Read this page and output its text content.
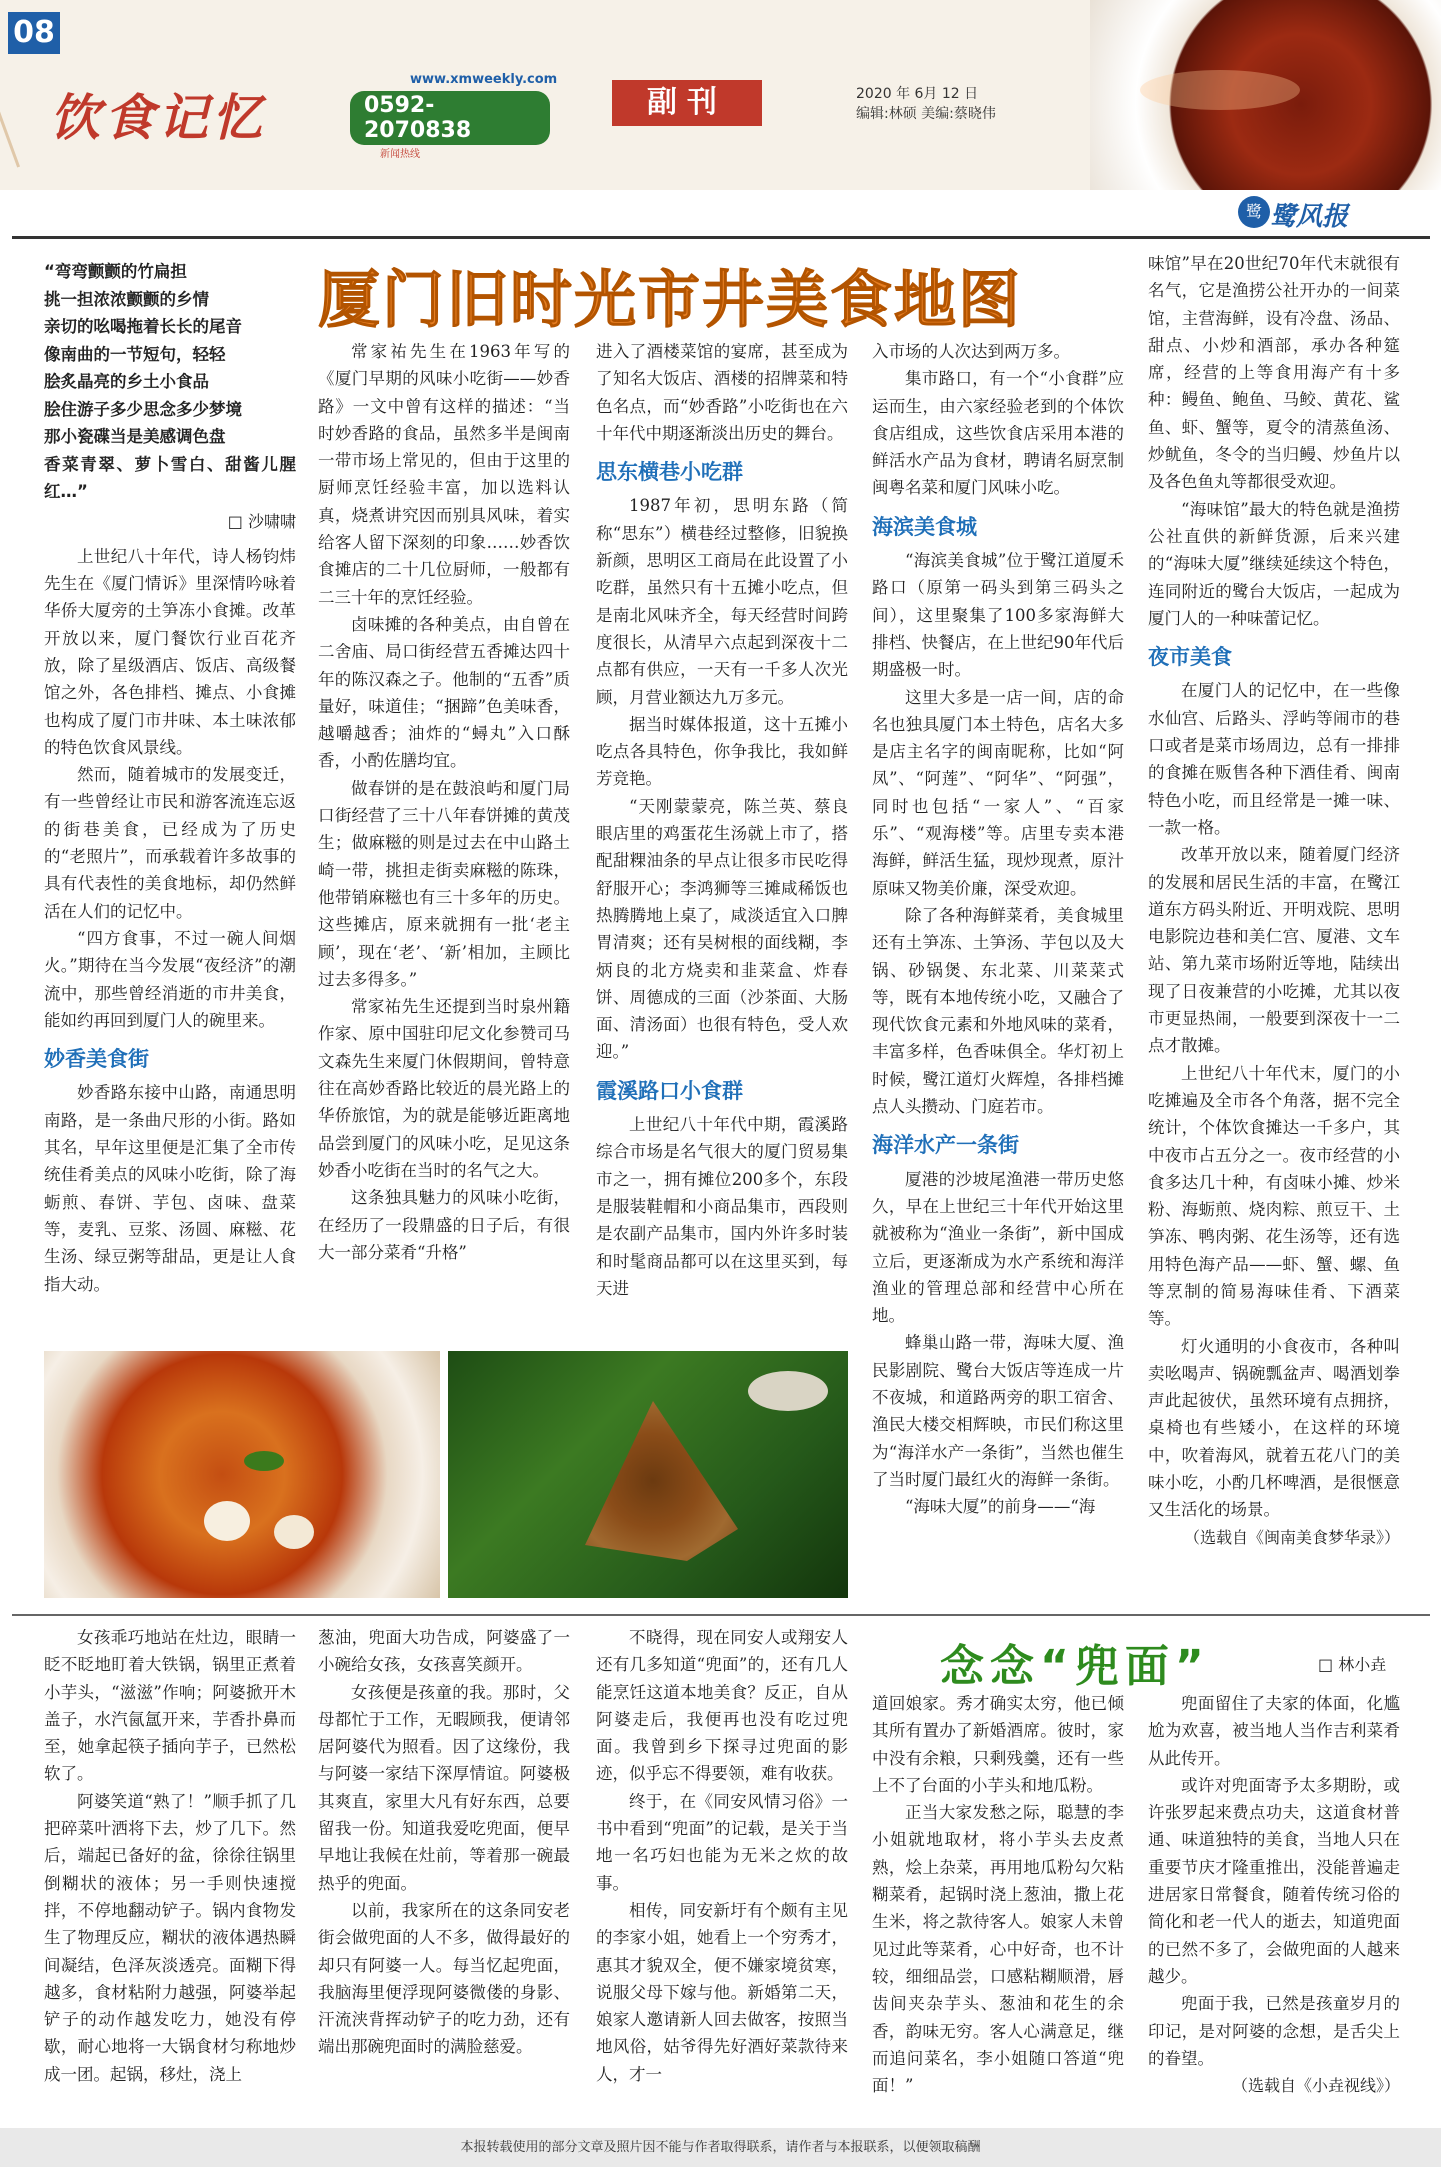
08
饮食记忆
www.xmweekly.com
0592-2070838
新闻热线
副刊	2020 年 6月 12 日
编辑:林硕 美编:蔡晓伟
鹭 鹭风报
厦门旧时光市井美食地图
“弯弯颤颤的竹扁担
挑一担浓浓颤颤的乡情
亲切的吆喝拖着长长的尾音
像南曲的一节短句，轻轻
脍炙晶亮的乡土小食品
脍住游子多少思念多少梦境
那小瓷碟当是美感调色盘
香菜青翠、萝卜雪白、甜酱儿腥红…”
□ 沙啸啸

上世纪八十年代，诗人杨钧炜先生在《厦门情诉》里深情吟咏着华侨大厦旁的土笋冻小食摊。改革开放以来，厦门餐饮行业百花齐放，除了星级酒店、饭店、高级餐馆之外，各色排档、摊点、小食摊也构成了厦门市井味、本土味浓郁的特色饮食风景线。

然而，随着城市的发展变迁，有一些曾经让市民和游客流连忘返的街巷美食，已经成为了历史的“老照片”，而承载着许多故事的具有代表性的美食地标，却仍然鲜活在人们的记忆中。

“四方食事，不过一碗人间烟火。”期待在当今发展“夜经济”的潮流中，那些曾经消逝的市井美食，能如约再回到厦门人的碗里来。

妙香美食街

妙香路东接中山路，南通思明南路，是一条曲尺形的小街。路如其名，早年这里便是汇集了全市传统佳肴美点的风味小吃街，除了海蛎煎、春饼、芋包、卤味、盘菜等，麦乳、豆浆、汤圆、麻糍、花生汤、绿豆粥等甜品，更是让人食指大动。

常家祐先生在1963年写的《厦门早期的风味小吃街——妙香路》一文中曾有这样的描述：“当时妙香路的食品，虽然多半是闽南一带市场上常见的，但由于这里的厨师烹饪经验丰富，加以选料认真，烧煮讲究因而别具风味，着实给客人留下深刻的印象……妙香饮食摊店的二十几位厨师，一般都有二三十年的烹饪经验。

卤味摊的各种美点，由自曾在二舍庙、局口街经营五香摊达四十年的陈汉森之子。他制的“五香”质量好，味道佳；“捆蹄”色美味香，越嚼越香；油炸的“蟳丸”入口酥香，小酌佐膳均宜。

做春饼的是在鼓浪屿和厦门局口街经营了三十八年春饼摊的黄茂生；做麻糍的则是过去在中山路土崎一带，挑担走街卖麻糍的陈珠，他带销麻糍也有三十多年的历史。这些摊店，原来就拥有一批‘老主顾’，现在‘老’、‘新’相加，主顾比过去多得多。”

常家祐先生还提到当时泉州籍作家、原中国驻印尼文化参赞司马文森先生来厦门休假期间，曾特意往在高妙香路比较近的晨光路上的华侨旅馆，为的就是能够近距离地品尝到厦门的风味小吃，足见这条妙香小吃街在当时的名气之大。

这条独具魅力的风味小吃街，在经历了一段鼎盛的日子后，有很大一部分菜肴“升格”

进入了酒楼菜馆的宴席，甚至成为了知名大饭店、酒楼的招牌菜和特色名点，而“妙香路”小吃街也在六十年代中期逐渐淡出历史的舞台。

思东横巷小吃群

1987年初，思明东路（简称“思东”）横巷经过整修，旧貌换新颜，思明区工商局在此设置了小吃群，虽然只有十五摊小吃点，但是南北风味齐全，每天经营时间跨度很长，从清早六点起到深夜十二点都有供应，一天有一千多人次光顾，月营业额达九万多元。

据当时媒体报道，这十五摊小吃点各具特色，你争我比，我如鲜芳竞艳。

“天刚蒙蒙亮，陈兰英、蔡良眼店里的鸡蛋花生汤就上市了，搭配甜粿油条的早点让很多市民吃得舒服开心；李鸿狮等三摊咸稀饭也热腾腾地上桌了，咸淡适宜入口脾胃清爽；还有吴树根的面线糊，李炳良的北方烧卖和韭菜盒、炸春饼、周德成的三面（沙茶面、大肠面、清汤面）也很有特色，受人欢迎。”

霞溪路口小食群

上世纪八十年代中期，霞溪路综合市场是名气很大的厦门贸易集市之一，拥有摊位200多个，东段是服装鞋帽和小商品集市，西段则是农副产品集市，国内外许多时装和时髦商品都可以在这里买到，每天进

入市场的人次达到两万多。

集市路口，有一个“小食群”应运而生，由六家经验老到的个体饮食店组成，这些饮食店采用本港的鲜活水产品为食材，聘请名厨烹制闽粤名菜和厦门风味小吃。

海滨美食城

“海滨美食城”位于鹭江道厦禾路口（原第一码头到第三码头之间），这里聚集了100多家海鲜大排档、快餐店，在上世纪90年代后期盛极一时。

这里大多是一店一间，店的命名也独具厦门本土特色，店名大多是店主名字的闽南昵称，比如“阿凤”、“阿莲”、“阿华”、“阿强”，同时也包括“一家人”、“百家乐”、“观海楼”等。店里专卖本港海鲜，鲜活生猛，现炒现煮，原汁原味又物美价廉，深受欢迎。

除了各种海鲜菜肴，美食城里还有土笋冻、土笋汤、芋包以及大锅、砂锅煲、东北菜、川菜菜式等，既有本地传统小吃，又融合了现代饮食元素和外地风味的菜肴，丰富多样，色香味俱全。华灯初上时候，鹭江道灯火辉煌，各排档摊点人头攒动、门庭若市。

海洋水产一条街

厦港的沙坡尾渔港一带历史悠久，早在上世纪三十年代开始这里就被称为“渔业一条街”，新中国成立后，更逐渐成为水产系统和海洋渔业的管理总部和经营中心所在地。

蜂巢山路一带，海味大厦、渔民影剧院、鹭台大饭店等连成一片不夜城，和道路两旁的职工宿舍、渔民大楼交相辉映，市民们称这里为“海洋水产一条街”，当然也催生了当时厦门最红火的海鲜一条街。

“海味大厦”的前身——“海

味馆”早在20世纪70年代末就很有名气，它是渔捞公社开办的一间菜馆，主营海鲜，设有冷盘、汤品、甜点、小炒和酒部，承办各种筵席，经营的上等食用海产有十多种：鳗鱼、鲍鱼、马鲛、黄花、鲨鱼、虾、蟹等，夏令的清蒸鱼汤、炒鱿鱼，冬令的当归鳗、炒鱼片以及各色鱼丸等都很受欢迎。

“海味馆”最大的特色就是渔捞公社直供的新鲜货源，后来兴建的“海味大厦”继续延续这个特色，连同附近的鹭台大饭店，一起成为厦门人的一种味蕾记忆。

夜市美食

在厦门人的记忆中，在一些像水仙宫、后路头、浮屿等闹市的巷口或者是菜市场周边，总有一排排的食摊在贩售各种下酒佳肴、闽南特色小吃，而且经常是一摊一味、一款一格。

改革开放以来，随着厦门经济的发展和居民生活的丰富，在鹭江道东方码头附近、开明戏院、思明电影院边巷和美仁宫、厦港、文车站、第九菜市场附近等地，陆续出现了日夜兼营的小吃摊，尤其以夜市更显热闹，一般要到深夜十一二点才散摊。

上世纪八十年代末，厦门的小吃摊遍及全市各个角落，据不完全统计，个体饮食摊达一千多户，其中夜市占五分之一。夜市经营的小食多达几十种，有卤味小摊、炒米粉、海蛎煎、烧肉粽、煎豆干、土笋冻、鸭肉粥、花生汤等，还有选用特色海产品——虾、蟹、螺、鱼等烹制的简易海味佳肴、下酒菜等。

灯火通明的小食夜市，各种叫卖吆喝声、锅碗瓢盆声、喝酒划拳声此起彼伏，虽然环境有点拥挤，桌椅也有些矮小，在这样的环境中，吹着海风，就着五花八门的美味小吃，小酌几杯啤酒，是很惬意又生活化的场景。

（选载自《闽南美食梦华录》）

念念“兜面”	□ 林小垚

女孩乖巧地站在灶边，眼睛一眨不眨地盯着大铁锅，锅里正煮着小芋头，“滋滋”作响；阿婆掀开木盖子，水汽氤氲开来，芋香扑鼻而至，她拿起筷子插向芋子，已然松软了。

阿婆笑道“熟了！”顺手抓了几把碎菜叶洒将下去，炒了几下。然后，端起已备好的盆，徐徐往锅里倒糊状的液体；另一手则快速搅拌，不停地翻动铲子。锅内食物发生了物理反应，糊状的液体遇热瞬间凝结，色泽灰淡透亮。面糊下得越多，食材粘附力越强，阿婆举起铲子的动作越发吃力，她没有停歇，耐心地将一大锅食材匀称地炒成一团。起锅，移灶，浇上

葱油，兜面大功告成，阿婆盛了一小碗给女孩，女孩喜笑颜开。

女孩便是孩童的我。那时，父母都忙于工作，无暇顾我，便请邻居阿婆代为照看。因了这缘份，我与阿婆一家结下深厚情谊。阿婆极其爽直，家里大凡有好东西，总要留我一份。知道我爱吃兜面，便早早地让我候在灶前，等着那一碗最热乎的兜面。

以前，我家所在的这条同安老街会做兜面的人不多，做得最好的却只有阿婆一人。每当忆起兜面，我脑海里便浮现阿婆微偻的身影、汗流浃背挥动铲子的吃力劲，还有端出那碗兜面时的满脸慈爱。

不晓得，现在同安人或翔安人还有几多知道“兜面”的，还有几人能烹饪这道本地美食？反正，自从阿婆走后，我便再也没有吃过兜面。我曾到乡下探寻过兜面的影迹，似乎忘不得要领，难有收获。

终于，在《同安风情习俗》一书中看到“兜面”的记载，是关于当地一名巧妇也能为无米之炊的故事。

相传，同安新圩有个颇有主见的李家小姐，她看上一个穷秀才，惠其才貌双全，便不嫌家境贫寒，说服父母下嫁与他。新婚第二天，娘家人邀请新人回去做客，按照当地风俗，姑爷得先好酒好菜款待来人，才一

道回娘家。秀才确实太穷，他已倾其所有置办了新婚酒席。彼时，家中没有余粮，只剩残羹，还有一些上不了台面的小芋头和地瓜粉。

正当大家发愁之际，聪慧的李小姐就地取材，将小芋头去皮煮熟，烩上杂菜，再用地瓜粉勾欠粘糊菜肴，起锅时浇上葱油，撒上花生米，将之款待客人。娘家人未曾见过此等菜肴，心中好奇，也不计较，细细品尝，口感粘糊顺滑，唇齿间夹杂芋头、葱油和花生的余香，韵味无穷。客人心满意足，继而追问菜名，李小姐随口答道“兜面！”

兜面留住了夫家的体面，化尴尬为欢喜，被当地人当作吉利菜肴从此传开。

或许对兜面寄予太多期盼，或许张罗起来费点功夫，这道食材普通、味道独特的美食，当地人只在重要节庆才隆重推出，没能普遍走进居家日常餐食，随着传统习俗的简化和老一代人的逝去，知道兜面的已然不多了，会做兜面的人越来越少。

兜面于我，已然是孩童岁月的印记，是对阿婆的念想，是舌尖上的眷望。

（选载自《小垚视线》）

本报转载使用的部分文章及照片因不能与作者取得联系，请作者与本报联系，以便领取稿酬
